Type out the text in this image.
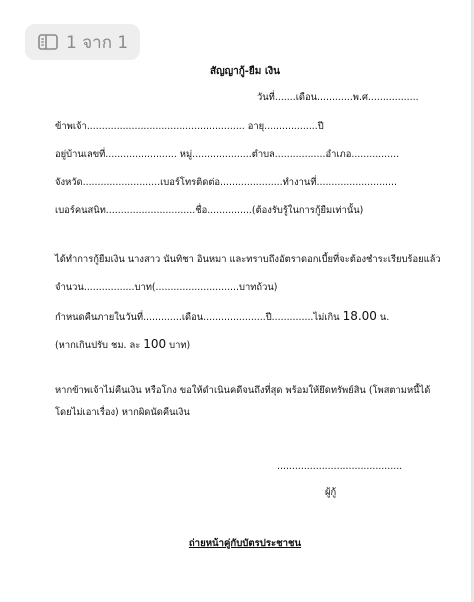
1 จาก 1
สัญญากู้-ยืม เงิน
วันที่.......เดือน............พ.ศ.................
ข้าพเจ้า..................................................... อายุ..................ปี
อยู่บ้านเลขที่........................ หมู่....................ตำบล.................อำเภอ................
จังหวัด..........................เบอร์โทรติดต่อ.....................ทำงานที่...........................
เบอร์คนสนิท..............................ชื่อ...............(ต้องรับรู้ในการกู้ยืมเท่านั้น)
ได้ทำการกู้ยืมเงิน นางสาว นันทิชา อินหมา และทราบถึงอัตราดอกเบี้ยที่จะต้องชำระเรียบร้อยแล้ว
จำนวน.................บาท(............................บาทถ้วน)
กำหนดคืนภายในวันที่.............เดือน.....................ปี..............ไม่เกิน 18.00 น.
(หากเกินปรับ ชม. ละ 100 บาท)
หากข้าพเจ้าไม่คืนเงิน หรือโกง ขอให้ดำเนินคดีจนถึงที่สุด พร้อมให้ยึดทรัพย์สิน (โพสตามหนี้ได้
โดยไม่เอาเรื่อง) หากผิดนัดคืนเงิน
..........................................
ผู้กู้
ถ่ายหน้าคู่กับบัตรประชาชน
